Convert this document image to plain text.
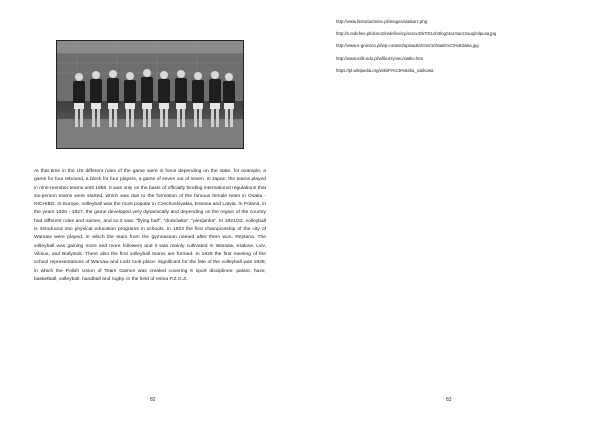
At that time in the US different rules of the game were in force depending on the state, for example, a game for four rebound, a block for four players, a game of seven out of seven. In Japan, the teams played in nine-member teams until 1958. It was only on the basis of officially binding international regulations that six-person teams were started, which was due to the formation of the famous female team in Osaka - NICHIBO. In Europe, volleyball was the most popular in Czechoslovakia, Estonia and Latvia. In Poland, in the years 1920 - 1927, the game developed very dynamically and depending on the region of the country had different rules and names, and so it was: "flying ball", "drobówka", "pierijanka". In 1921/22, volleyball is introduced into physical education programs in schools. In 1923 the first championship of the city of Warsaw were played, in which the team from the gymnasium named after them won. Reytana. The volleyball was gaining more and more followers and it was mainly cultivated in Warsaw, Krakow, Lviv, Vilnius, and Bialystok. There also the first volleyball teams are formed. In 1926 the first meeting of the school representations of Warsaw and Lodz took place. Significant for the fate of the volleyball was 1928, in which the Polish Union of Team Games was created covering 6 sport disciplines: palant, haze, basketball, volleyball, handball and rugby. in the field of retina P.Z.G.Z.

82
http://www.historiazzelec.pl/images/siatkarz.png
http://s.redefine.pl/dcs/o2/redefine/cp/xx/xx3zk7tS1oh3lngz4azSacz2uuq/mlpusa.jpg
http://www.e-gniezno.pl/wp-content/uploads/2015/10/siatk%C3%B3wka.jpg
http://www.eslk.edu.pl/wf/kurzyniec/siatko.htm
https://pl.wikipedia.org/wiki/Pi%C5%82ka_siatkowa
83
